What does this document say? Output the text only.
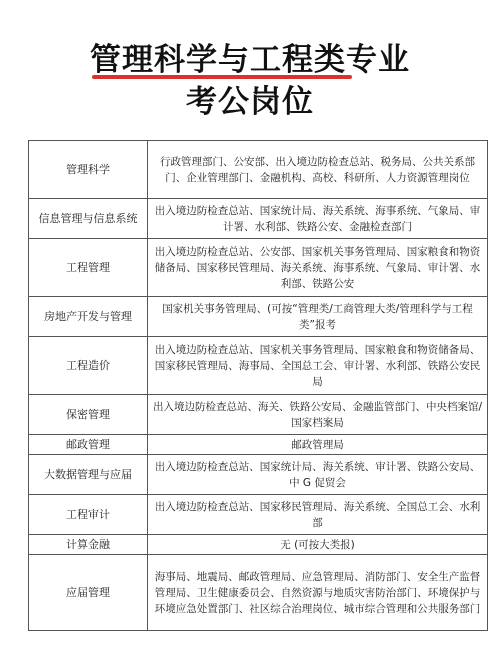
管理科学与工程类专业
考公岗位
管理科学	行政管理部门、公安部、出入境边防检查总站、税务局、公共关系部门、企业管理部门、金融机构、高校、科研所、人力资源管理岗位
信息管理与信息系统	出入境边防检查总站、国家统计局、海关系统、海事系统、气象局、审计署、水利部、铁路公安、金融检查部门
工程管理	出入境边防检查总站、公安部、国家机关事务管理局、国家粮食和物资储备局、国家移民管理局、海关系统、海事系统、气象局、审计署、水利部、铁路公安
房地产开发与管理	国家机关事务管理局、(可按“管理类/工商管理大类/管理科学与工程类”报考
工程造价	出入境边防检查总站、国家机关事务管理局、国家粮食和物资储备局、国家移民管理局、海事局、全国总工会、审计署、水利部、铁路公安民局
保密管理	出入境边防检查总站、海关、铁路公安局、金融监管部门、中央档案馆/国家档案局
邮政管理	邮政管理局
大数据管理与应届	出入境边防检查总站、国家统计局、海关系统、审计署、铁路公安局、中 G 促贸会
工程审计	出入境边防检查总站、国家移民管理局、海关系统、全国总工会、水利部
计算金融	无 (可按大类报)
应届管理	海事局、地震局、邮政管理局、应急管理局、消防部门、安全生产监督管理局、卫生健康委员会、自然资源与地质灾害防治部门、环境保护与环境应急处置部门、社区综合治理岗位、城市综合管理和公共服务部门
